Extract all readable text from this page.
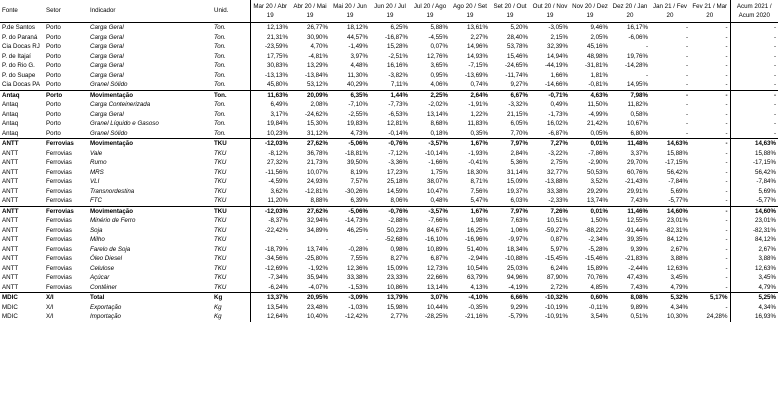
Fonte	Setor	Indicador	Unid.	Mar 20 / Abr 19	Abr 20 / Mai 19	Mai 20 / Jun 19	Jun 20 / Jul 19	Jul 20 / Ago 19	Ago 20 / Set 19	Set 20 / Out 19	Out 20 / Nov 19	Nov 20 / Dez 19	Dez 20 / Jan 20	Jan 21 / Fev 20	Fev 21 / Mar 20	Acum 2021 / Acum 2020
P.de Santos	Porto	Carga Geral	Ton.	12,13%	26,77%	18,12%	6,25%	5,88%	13,61%	5,20%	-3,05%	9,46%	16,17%	-	-	-
P. do Paraná	Porto	Carga Geral	Ton.	21,31%	30,90%	44,57%	-16,87%	-4,55%	2,27%	28,40%	2,15%	2,05%	-6,06%	-	-	-
Cia Docas RJ	Porto	Carga Geral	Ton.	-23,59%	4,70%	-1,49%	15,28%	0,07%	14,96%	53,78%	32,39%	45,16%	-	-	-	-
P. de Itajaí	Porto	Carga Geral	Ton.	17,75%	-4,81%	3,97%	-2,51%	12,76%	14,93%	15,46%	14,94%	48,98%	19,76%	-	-	-
P. do Rio G.	Porto	Carga Geral	Ton.	30,83%	13,29%	4,48%	16,16%	3,65%	-7,15%	-24,65%	-44,19%	-31,81%	-14,28%	-	-	-
P. do Suape	Porto	Carga Geral	Ton.	-13,13%	-13,84%	11,30%	-3,82%	0,95%	-13,69%	-11,74%	1,66%	1,81%	-	-	-	-
Cia Docas PA	Porto	Granel Sólido	Ton.	45,80%	53,12%	40,29%	7,11%	4,06%	0,74%	9,27%	-14,66%	-0,81%	14,95%	-	-	-
Antaq	Porto	Movimentação	Ton.	11,63%	20,09%	6,35%	1,44%	2,25%	2,64%	6,67%	-0,71%	4,63%	7,98%	-	-	-
Antaq	Porto	Carga Conteinerizada	Ton.	6,49%	2,08%	-7,10%	-7,73%	-2,02%	-1,91%	-3,32%	0,49%	11,50%	11,82%	-	-	-
Antaq	Porto	Carga Geral	Ton.	3,17%	-24,62%	-2,55%	-6,53%	13,14%	1,22%	21,15%	-1,73%	-4,99%	0,58%	-	-	-
Antaq	Porto	Granel Líquido e Gasoso	Ton.	19,84%	15,30%	19,83%	12,81%	8,68%	11,83%	6,05%	16,02%	21,42%	10,67%	-	-	-
Antaq	Porto	Granel Sólido	Ton.	10,23%	31,12%	4,73%	-0,14%	0,18%	0,35%	7,70%	-6,87%	0,05%	6,80%	-	-	-
ANTT	Ferrovias	Movimentação	TKU	-12,03%	27,62%	-5,06%	-0,76%	-3,57%	1,67%	7,97%	7,27%	0,01%	11,48%	14,63%	-	14,63%
ANTT	Ferrovias	Vale	TKU	-8,12%	36,78%	-18,81%	-7,12%	-10,14%	-1,93%	2,84%	-3,22%	-7,86%	3,37%	15,88%	-	15,88%
ANTT	Ferrovias	Rumo	TKU	27,32%	21,73%	39,50%	-3,36%	-1,66%	-0,41%	5,36%	2,75%	-2,90%	29,70%	-17,15%	-	-17,15%
ANTT	Ferrovias	MRS	TKU	-11,56%	10,07%	8,19%	17,23%	1,75%	18,30%	31,14%	32,77%	50,53%	60,76%	56,42%	-	56,42%
ANTT	Ferrovias	VLI	TKU	-4,59%	24,93%	7,57%	25,18%	38,07%	8,71%	15,09%	-13,88%	3,52%	-21,43%	-7,84%	-	-7,84%
ANTT	Ferrovias	Transnordestina	TKU	3,62%	-12,81%	-30,26%	14,59%	10,47%	7,56%	19,37%	33,38%	29,29%	29,91%	5,69%	-	5,69%
ANTT	Ferrovias	FTC	TKU	11,20%	8,88%	6,39%	8,06%	0,48%	5,47%	6,03%	-2,33%	13,74%	7,43%	-5,77%	-	-5,77%
ANTT	Ferrovias	Movimentação	TKU	-12,03%	27,62%	-5,06%	-0,76%	-3,57%	1,67%	7,97%	7,26%	0,01%	11,46%	14,60%	-	14,60%
ANTT	Ferrovias	Minério de Ferro	TKU	-8,37%	32,94%	-14,73%	-2,88%	-7,66%	1,98%	7,63%	10,51%	1,50%	12,55%	23,01%	-	23,01%
ANTT	Ferrovias	Soja	TKU	-22,42%	34,89%	46,25%	50,23%	84,67%	16,25%	1,06%	-59,27%	-88,22%	-91,44%	-82,31%	-	-82,31%
ANTT	Ferrovias	Milho	TKU	-	-	-	-52,68%	-16,10%	-16,96%	-9,97%	0,87%	-2,34%	39,35%	84,12%	-	84,12%
ANTT	Ferrovias	Farelo de Soja	TKU	-18,79%	13,74%	-0,28%	0,98%	10,89%	51,40%	18,34%	5,97%	-5,28%	9,39%	2,67%	-	2,67%
ANTT	Ferrovias	Óleo Diesel	TKU	-34,56%	-25,80%	7,55%	8,27%	6,87%	-2,94%	-10,88%	-15,45%	-15,46%	-21,83%	3,88%	-	3,88%
ANTT	Ferrovias	Celulose	TKU	-12,69%	-1,92%	12,36%	15,09%	12,73%	10,54%	25,03%	6,24%	15,89%	-2,44%	12,63%	-	12,63%
ANTT	Ferrovias	Açúcar	TKU	-7,34%	35,94%	33,38%	23,33%	22,66%	63,79%	94,96%	87,90%	70,76%	47,43%	3,45%	-	3,45%
ANTT	Ferrovias	Contêiner	TKU	-6,24%	-4,07%	-1,53%	10,86%	13,14%	4,13%	-4,19%	2,72%	4,85%	7,43%	4,79%	-	4,79%
MDIC	X/I	Total	Kg	13,37%	20,95%	-3,09%	13,79%	3,07%	-4,10%	6,66%	-10,32%	0,60%	8,08%	5,32%	5,17%	5,25%
MDIC	X/I	Exportação	Kg	13,54%	23,48%	-1,03%	15,98%	10,44%	-0,35%	9,29%	-10,19%	-0,11%	9,89%	4,34%	-	4,34%
MDIC	X/I	Importação	Kg	12,64%	10,40%	-12,42%	2,77%	-28,25%	-21,16%	-5,79%	-10,91%	3,54%	0,51%	10,30%	24,28%	16,93%
